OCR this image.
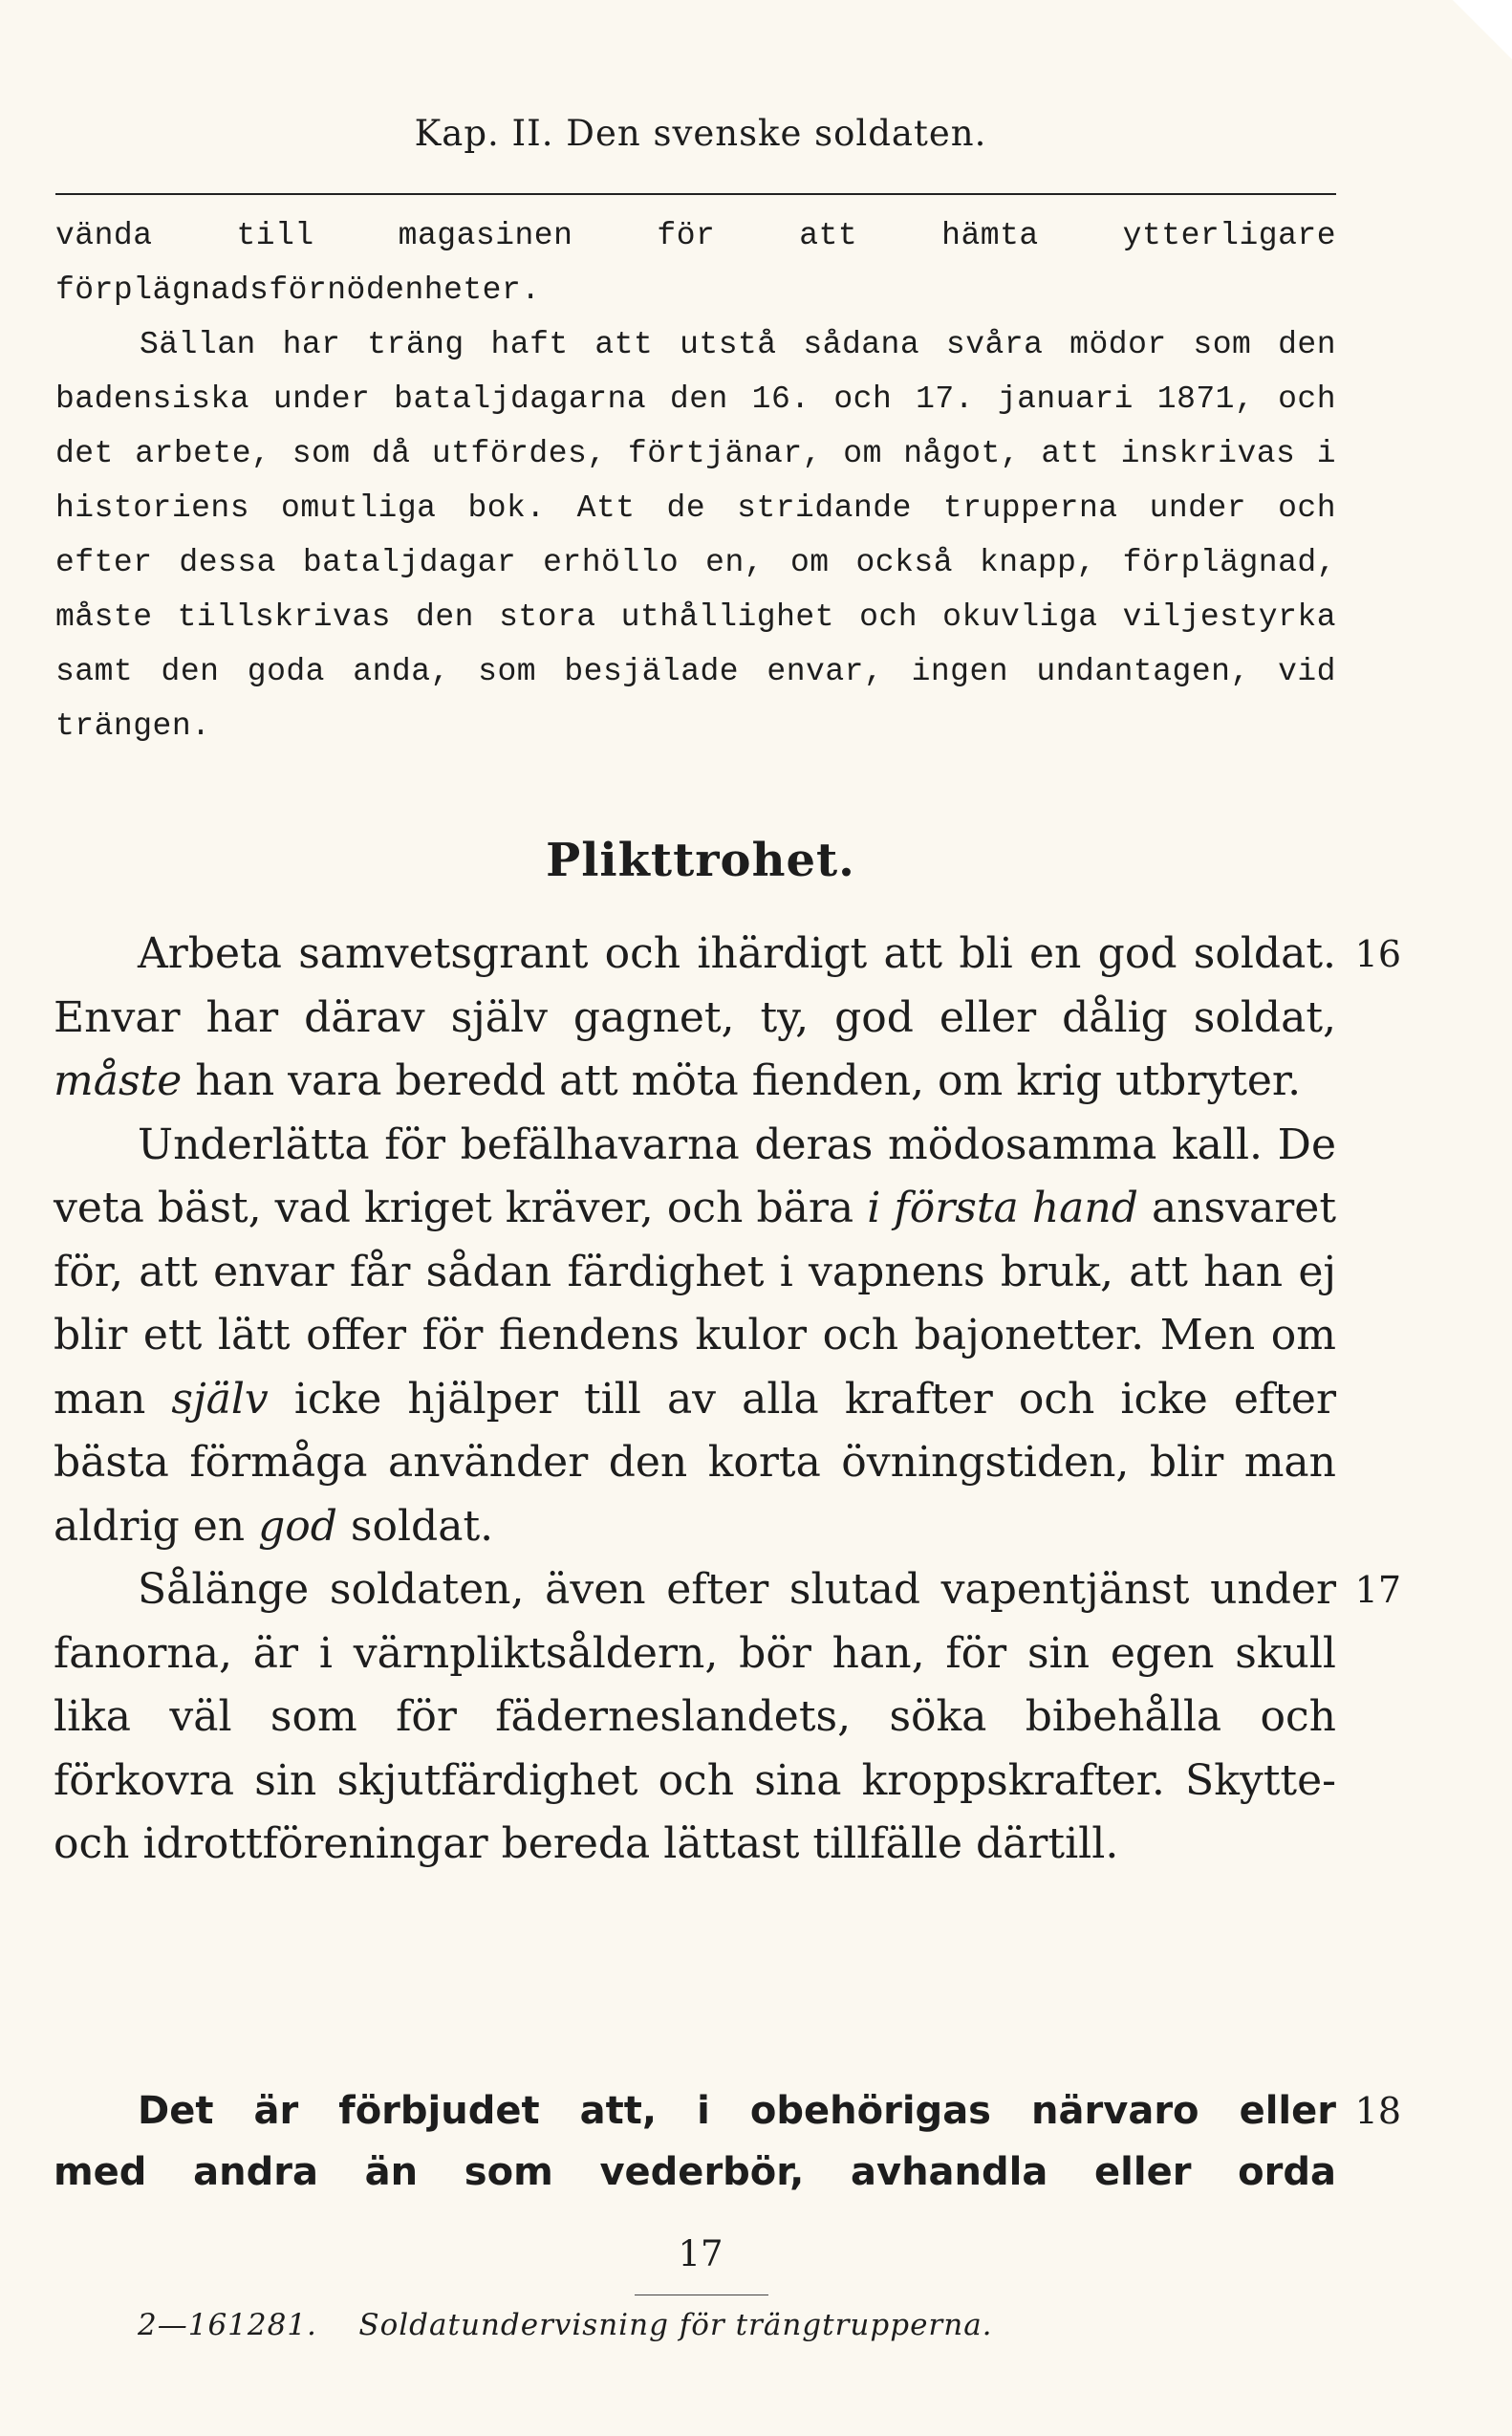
Kap. II. Den svenske soldaten.

vända till magasinen för att hämta ytterligare förplägnadsförnödenheter.

Sällan har träng haft att utstå sådana svåra mödor som den badensiska under bataljdagarna den 16. och 17. januari 1871, och det arbete, som då utfördes, förtjänar, om något, att inskrivas i historiens omutliga bok. Att de stridande trupperna under och efter dessa bataljdagar erhöllo en, om också knapp, förplägnad, måste tillskrivas den stora uthållighet och okuvliga viljestyrka samt den goda anda, som besjälade envar, ingen undantagen, vid trängen.

Plikttrohet.

Arbeta samvetsgrant och ihärdigt att bli en god soldat. Envar har därav själv gagnet, ty, god eller dålig soldat, måste han vara beredd att möta fienden, om krig utbryter.
16

Underlätta för befälhavarna deras mödosamma kall. De veta bäst, vad kriget kräver, och bära i första hand ansvaret för, att envar får sådan färdighet i vapnens bruk, att han ej blir ett lätt offer för fiendens kulor och bajonetter. Men om man själv icke hjälper till av alla krafter och icke efter bästa förmåga använder den korta övningstiden, blir man aldrig en god soldat.

Sålänge soldaten, även efter slutad vapentjänst under fanorna, är i värnpliktsåldern, bör han, för sin egen skull lika väl som för fäderneslandets, söka bibehålla och förkovra sin skjutfärdighet och sina kroppskrafter. Skytte- och idrottföreningar bereda lättast tillfälle därtill.
17

Det är förbjudet att, i obehörigas närvaro eller 18

med andra än som vederbör, avhandla eller orda

17
2—161281. Soldatundervisning för trängtrupperna.
